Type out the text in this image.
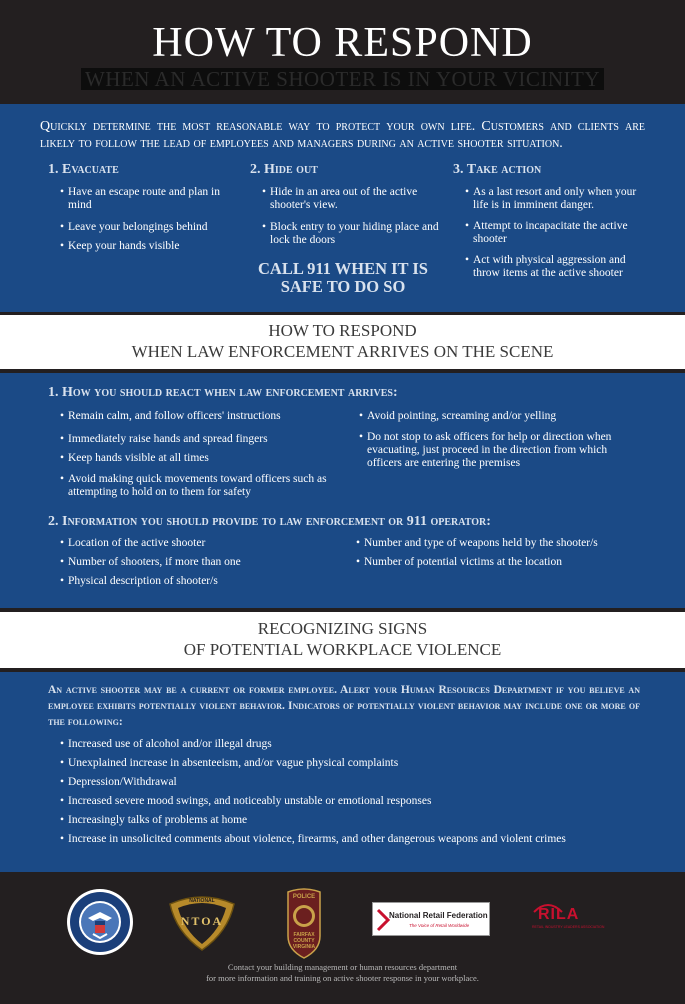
HOW TO RESPOND
WHEN AN ACTIVE SHOOTER IS IN YOUR VICINITY
Quickly determine the most reasonable way to protect your own life. Customers and clients are likely to follow the lead of employees and managers during an active shooter situation.
1. Evacuate
• Have an escape route and plan in mind
• Leave your belongings behind
• Keep your hands visible
2. Hide out
• Hide in an area out of the active shooter's view.
• Block entry to your hiding place and lock the doors
CALL 911 WHEN IT IS SAFE TO DO SO
3. Take action
• As a last resort and only when your life is in imminent danger.
• Attempt to incapacitate the active shooter
• Act with physical aggression and throw items at the active shooter
HOW TO RESPOND
WHEN LAW ENFORCEMENT ARRIVES ON THE SCENE
1. How you should react when law enforcement arrives:
• Remain calm, and follow officers' instructions
• Immediately raise hands and spread fingers
• Keep hands visible at all times
• Avoid making quick movements toward officers such as attempting to hold on to them for safety
• Avoid pointing, screaming and/or yelling
• Do not stop to ask officers for help or direction when evacuating, just proceed in the direction from which officers are entering the premises
2. Information you should provide to law enforcement or 911 operator:
• Location of the active shooter
• Number of shooters, if more than one
• Physical description of shooter/s
• Number and type of weapons held by the shooter/s
• Number of potential victims at the location
RECOGNIZING SIGNS
OF POTENTIAL WORKPLACE VIOLENCE
An active shooter may be a current or former employee. Alert your Human Resources Department if you believe an employee exhibits potentially violent behavior. Indicators of potentially violent behavior may include one or more of the following:
• Increased use of alcohol and/or illegal drugs
• Unexplained increase in absenteeism, and/or vague physical complaints
• Depression/Withdrawal
• Increased severe mood swings, and noticeably unstable or emotional responses
• Increasingly talks of problems at home
• Increase in unsolicited comments about violence, firearms, and other dangerous weapons and violent crimes
NATIONAL
NTOA
POLICE
FAIRFAX COUNTY VIRGINIA
National Retail Federation
The Voice of Retail Worldwide
RILA
RETAIL INDUSTRY LEADERS ASSOCIATION
Contact your building management or human resources department
for more information and training on active shooter response in your workplace.
